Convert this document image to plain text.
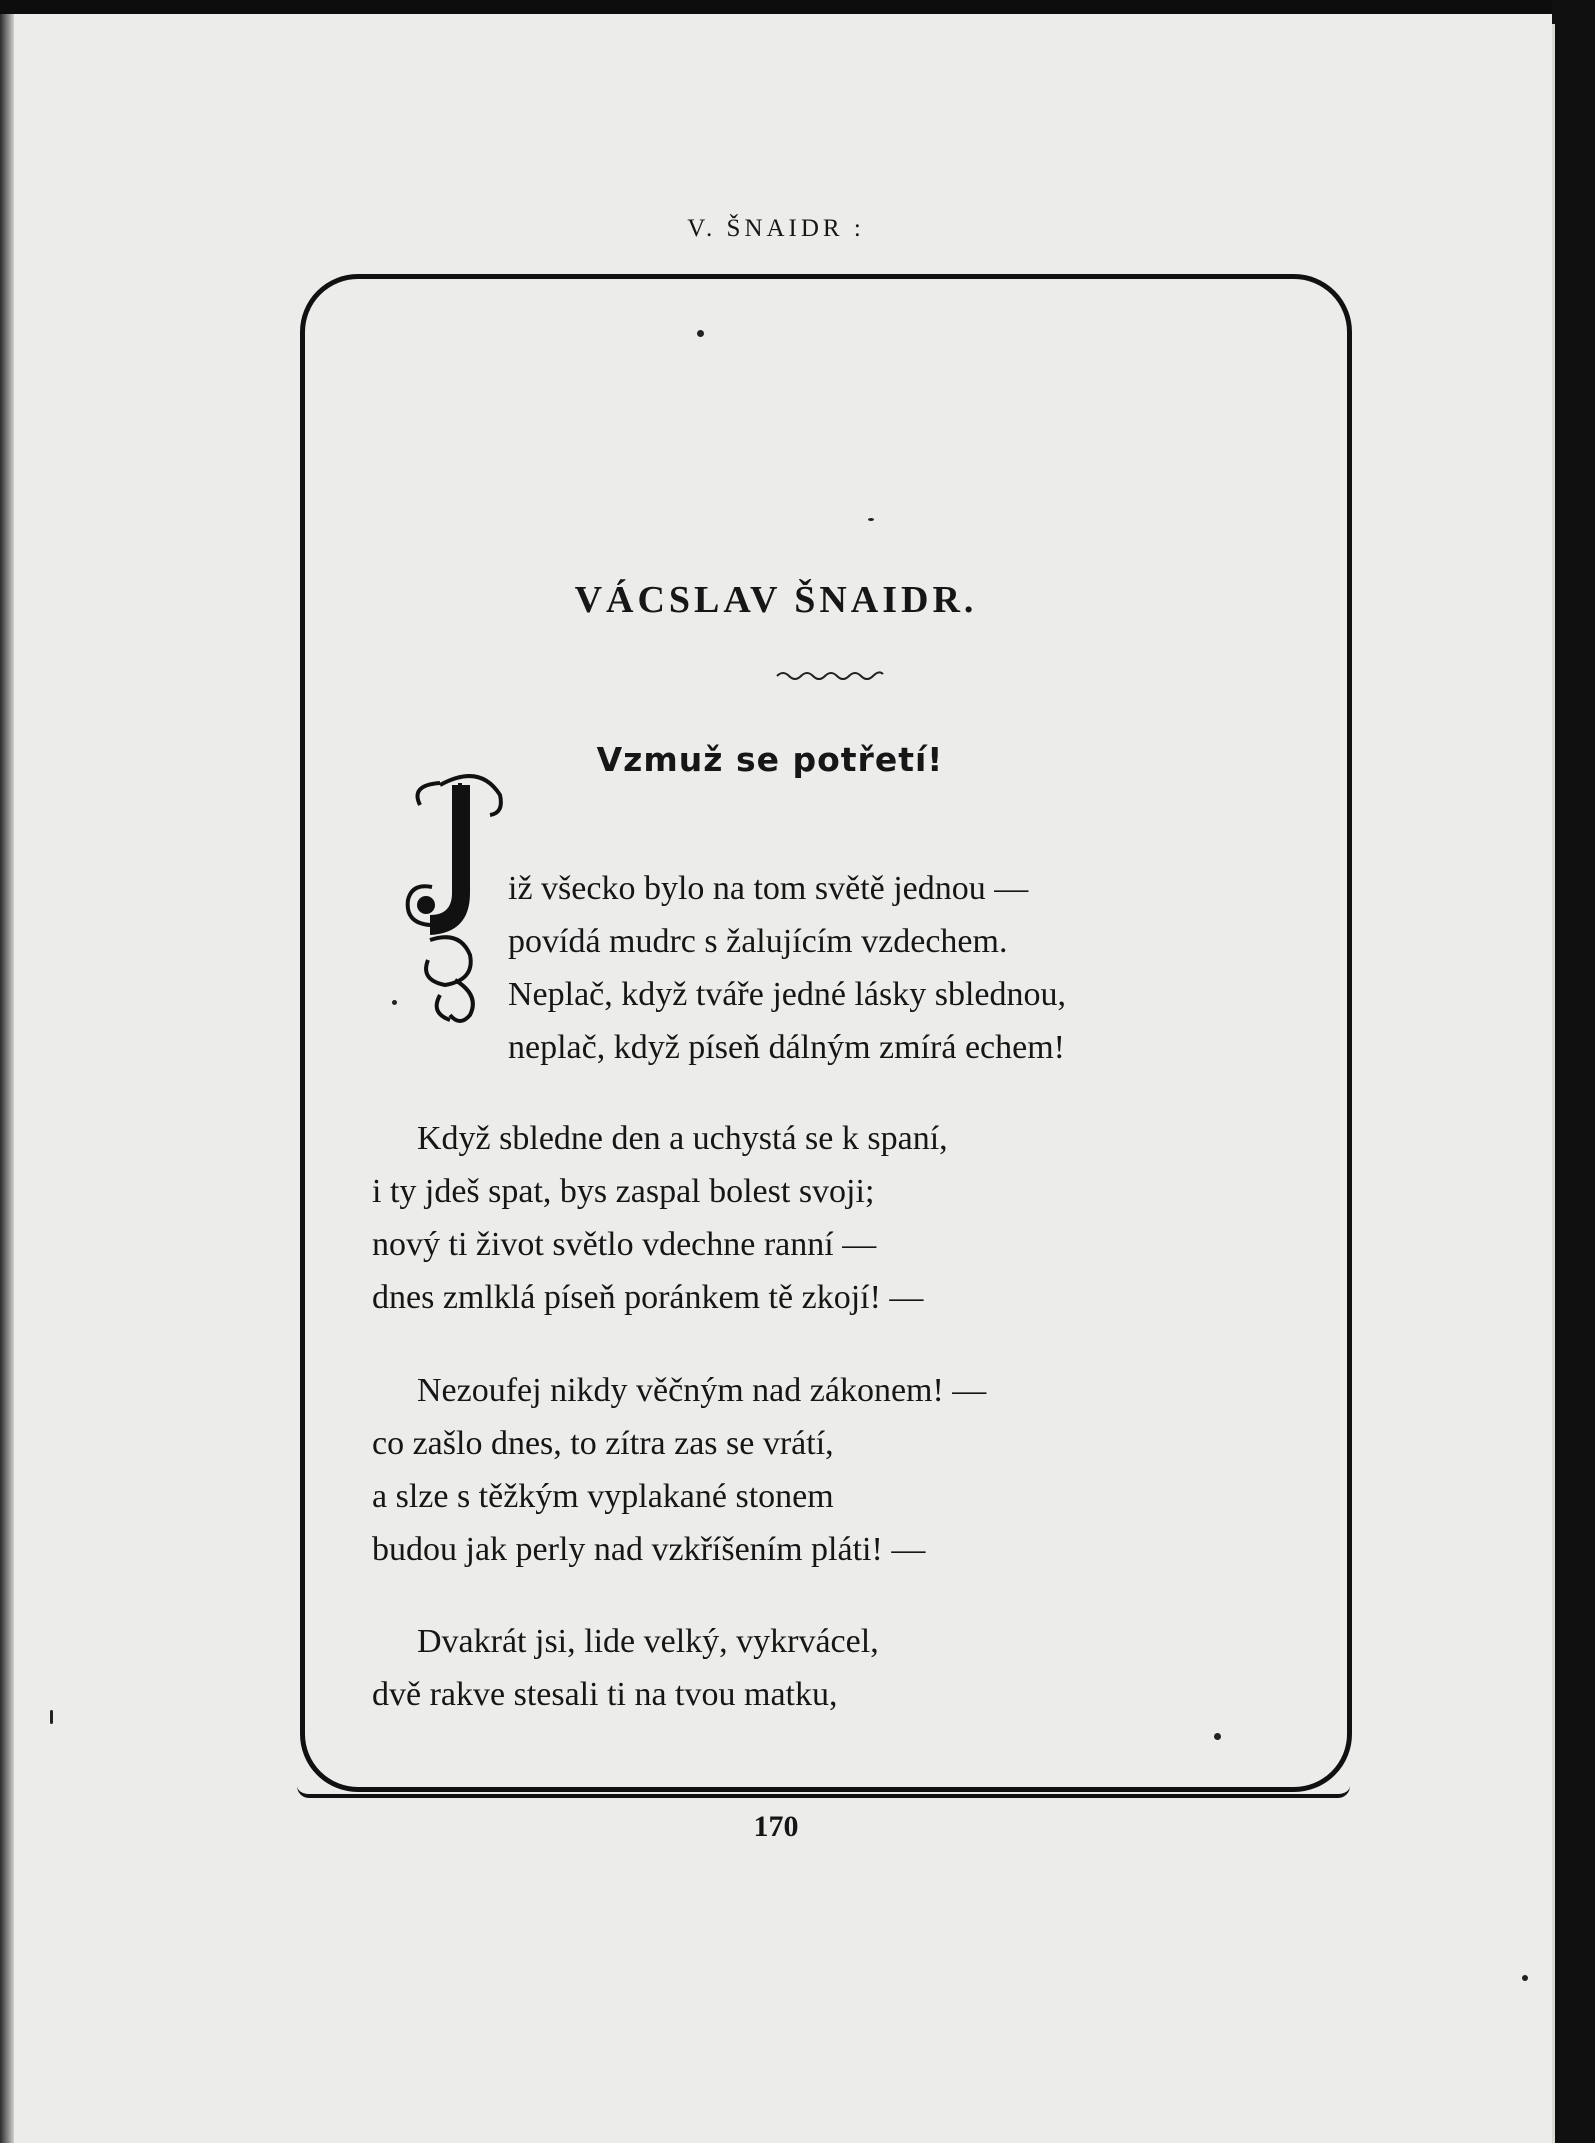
V. ŠNAIDR :
VÁCSLAV ŠNAIDR.
Vzmuž se potřetí!
iž všecko bylo na tom světě jednou —
povídá mudrc s žalujícím vzdechem.
Neplač, když tváře jedné lásky sblednou,
neplač, když píseň dálným zmírá echem!
Když sbledne den a uchystá se k spaní,
i ty jdeš spat, bys zaspal bolest svoji;
nový ti život světlo vdechne ranní —
dnes zmlklá píseň poránkem tě zkojí! —
Nezoufej nikdy věčným nad zákonem! —
co zašlo dnes, to zítra zas se vrátí,
a slze s těžkým vyplakané stonem
budou jak perly nad vzkříšením pláti! —
Dvakrát jsi, lide velký, vykrvácel,
dvě rakve stesali ti na tvou matku,
170
